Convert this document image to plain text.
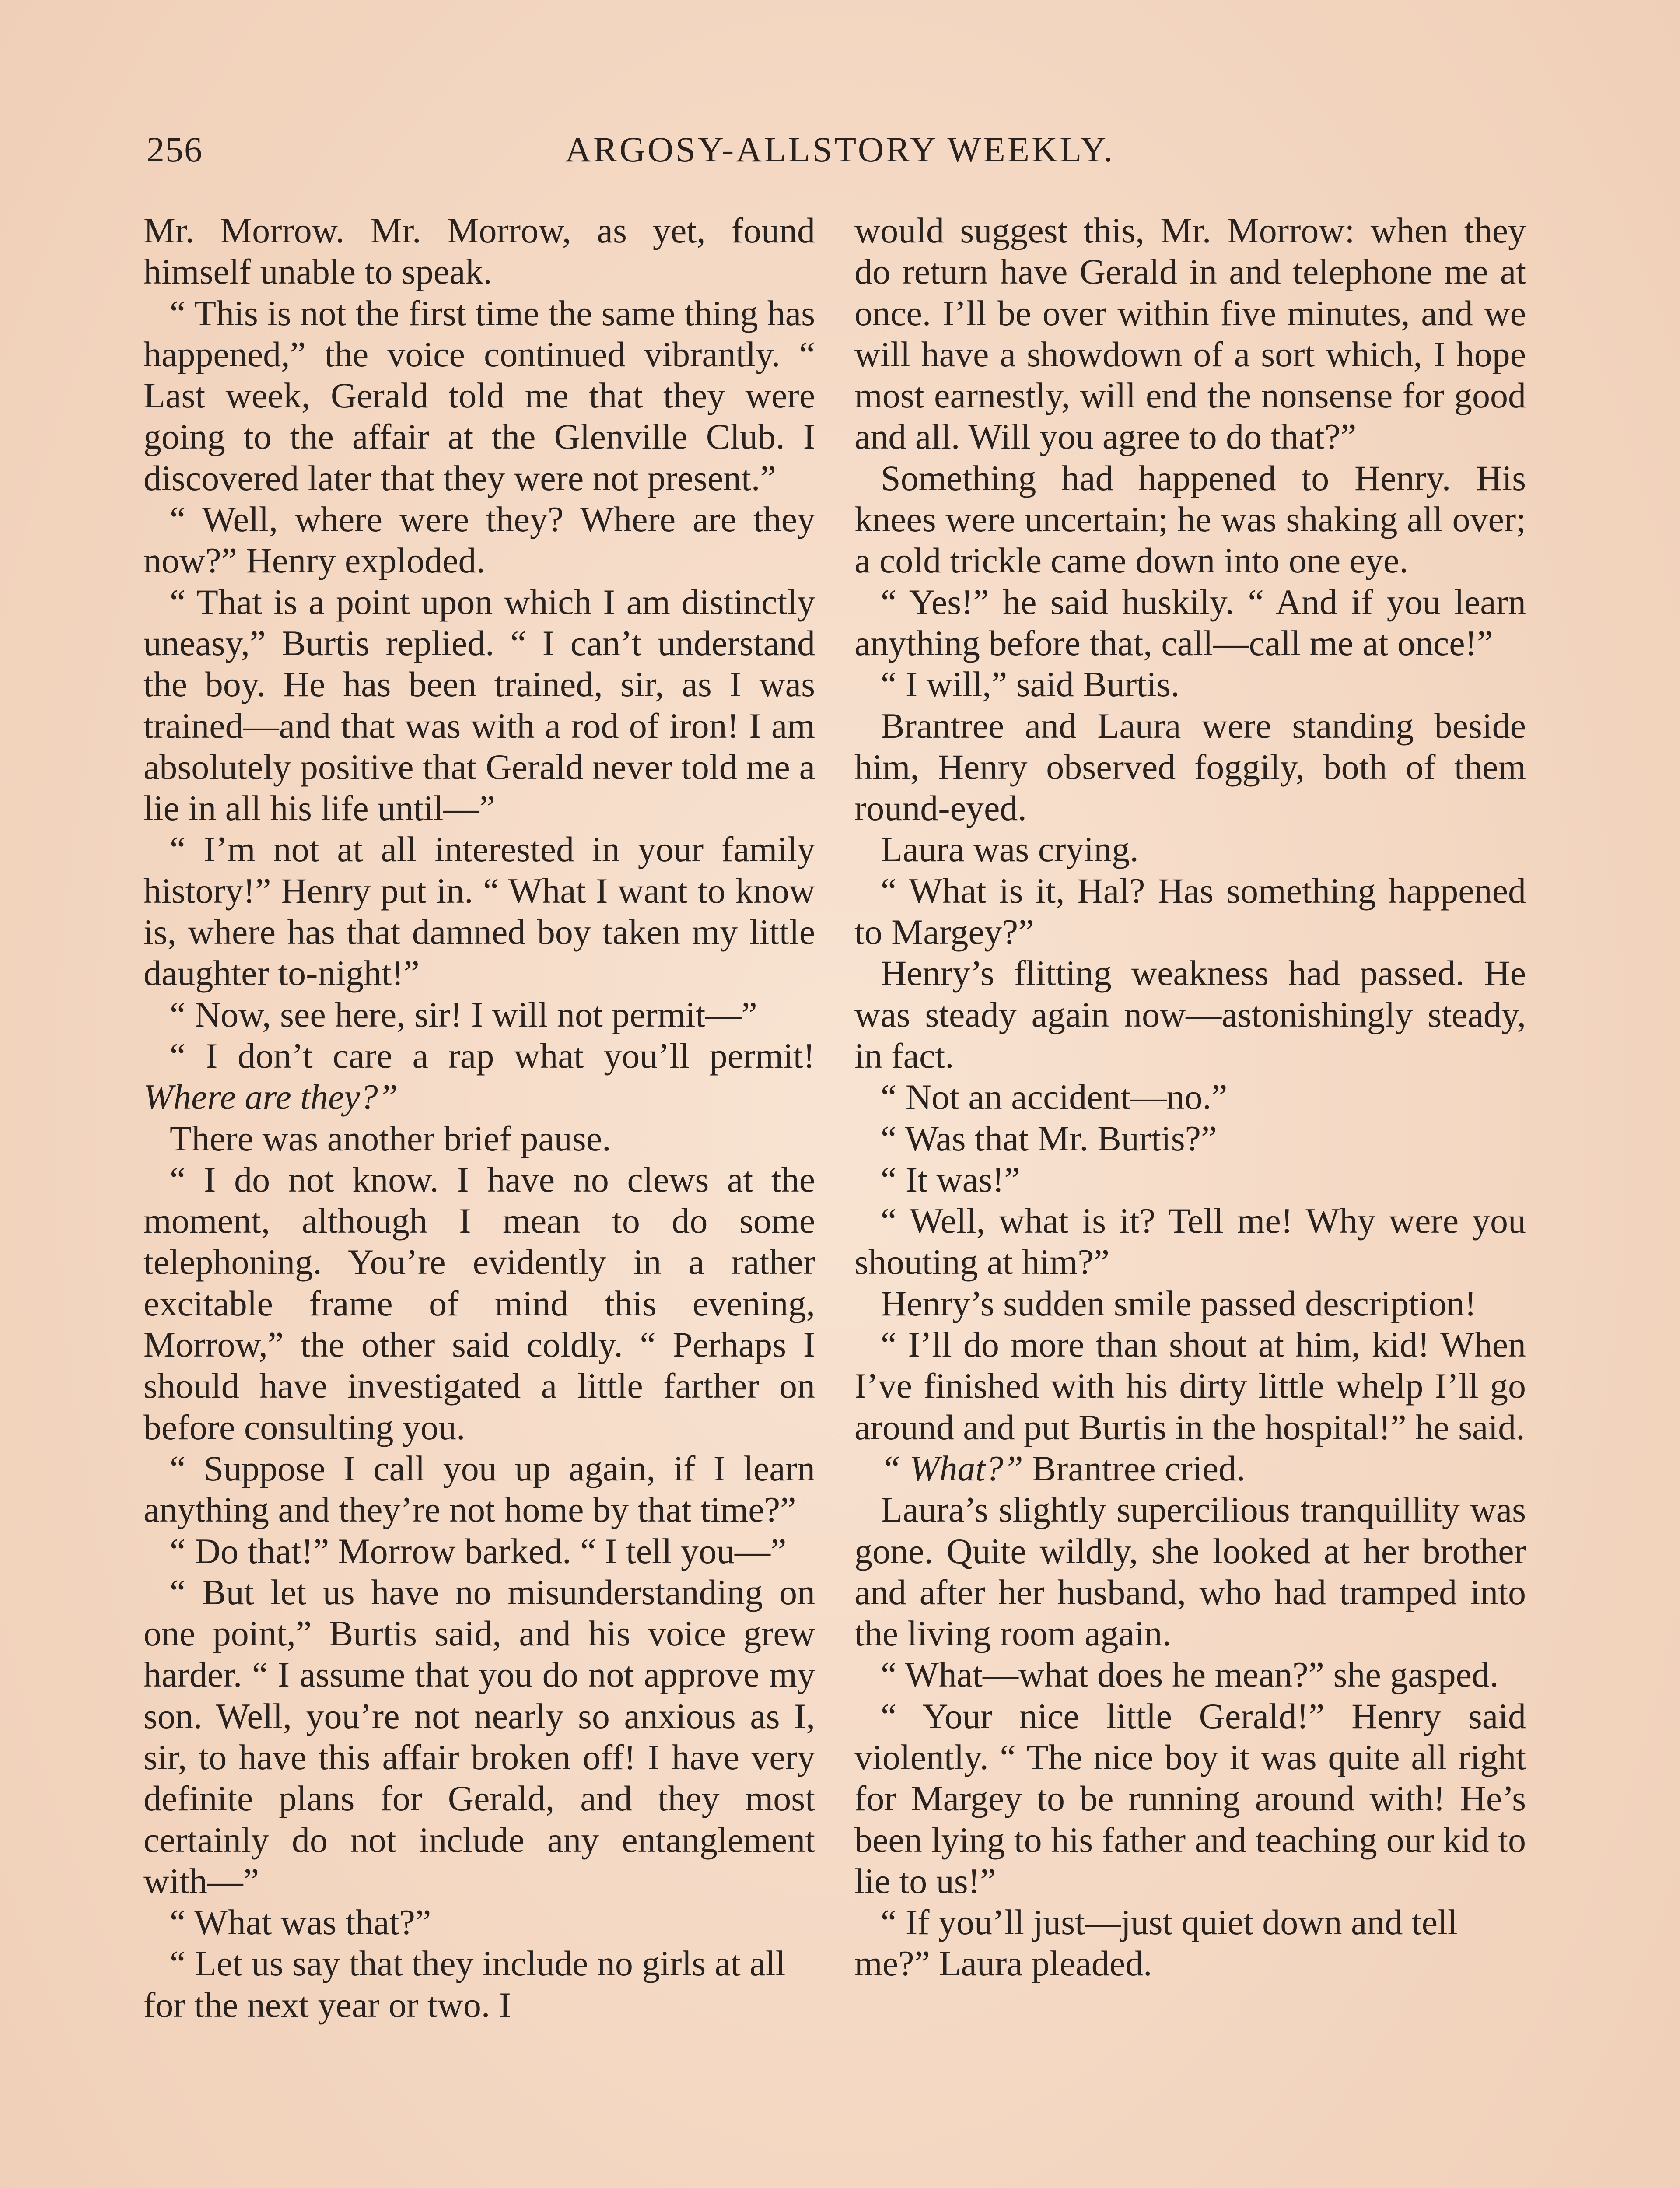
256	ARGOSY-ALLSTORY WEEKLY.

Mr. Morrow. Mr. Morrow, as yet, found himself unable to speak.

“ This is not the first time the same thing has happened,” the voice continued vibrantly. “ Last week, Gerald told me that they were going to the affair at the Glenville Club. I discovered later that they were not present.”

“ Well, where were they? Where are they now?” Henry exploded.

“ That is a point upon which I am distinctly uneasy,” Burtis replied. “ I can’t understand the boy. He has been trained, sir, as I was trained—and that was with a rod of iron! I am absolutely positive that Gerald never told me a lie in all his life until—”

“ I’m not at all interested in your family history!” Henry put in. “ What I want to know is, where has that damned boy taken my little daughter to-night!”

“ Now, see here, sir! I will not permit—”

“ I don’t care a rap what you’ll permit! Where are they?”

There was another brief pause.

“ I do not know. I have no clews at the moment, although I mean to do some telephoning. You’re evidently in a rather excitable frame of mind this evening, Morrow,” the other said coldly. “ Perhaps I should have investigated a little farther on before consulting you.

“ Suppose I call you up again, if I learn anything and they’re not home by that time?”

“ Do that!” Morrow barked. “ I tell you—”

“ But let us have no misunderstanding on one point,” Burtis said, and his voice grew harder. “ I assume that you do not approve my son. Well, you’re not nearly so anxious as I, sir, to have this affair broken off! I have very definite plans for Gerald, and they most certainly do not include any entanglement with—”

“ What was that?”

“ Let us say that they include no girls at all for the next year or two. I

would suggest this, Mr. Morrow: when they do return have Gerald in and telephone me at once. I’ll be over within five minutes, and we will have a showdown of a sort which, I hope most earnestly, will end the nonsense for good and all. Will you agree to do that?”

Something had happened to Henry. His knees were uncertain; he was shaking all over; a cold trickle came down into one eye.

“ Yes!” he said huskily. “ And if you learn anything before that, call—call me at once!”

“ I will,” said Burtis.

Brantree and Laura were standing beside him, Henry observed foggily, both of them round-eyed.

Laura was crying.

“ What is it, Hal? Has something happened to Margey?”

Henry’s flitting weakness had passed. He was steady again now—astonishingly steady, in fact.

“ Not an accident—no.”

“ Was that Mr. Burtis?”

“ It was!”

“ Well, what is it? Tell me! Why were you shouting at him?”

Henry’s sudden smile passed description!

“ I’ll do more than shout at him, kid! When I’ve finished with his dirty little whelp I’ll go around and put Burtis in the hospital!” he said.

“ What?” Brantree cried.

Laura’s slightly supercilious tranquillity was gone. Quite wildly, she looked at her brother and after her husband, who had tramped into the living room again.

“ What—what does he mean?” she gasped.

“ Your nice little Gerald!” Henry said violently. “ The nice boy it was quite all right for Margey to be running around with! He’s been lying to his father and teaching our kid to lie to us!”

“ If you’ll just—just quiet down and tell me?” Laura pleaded.
